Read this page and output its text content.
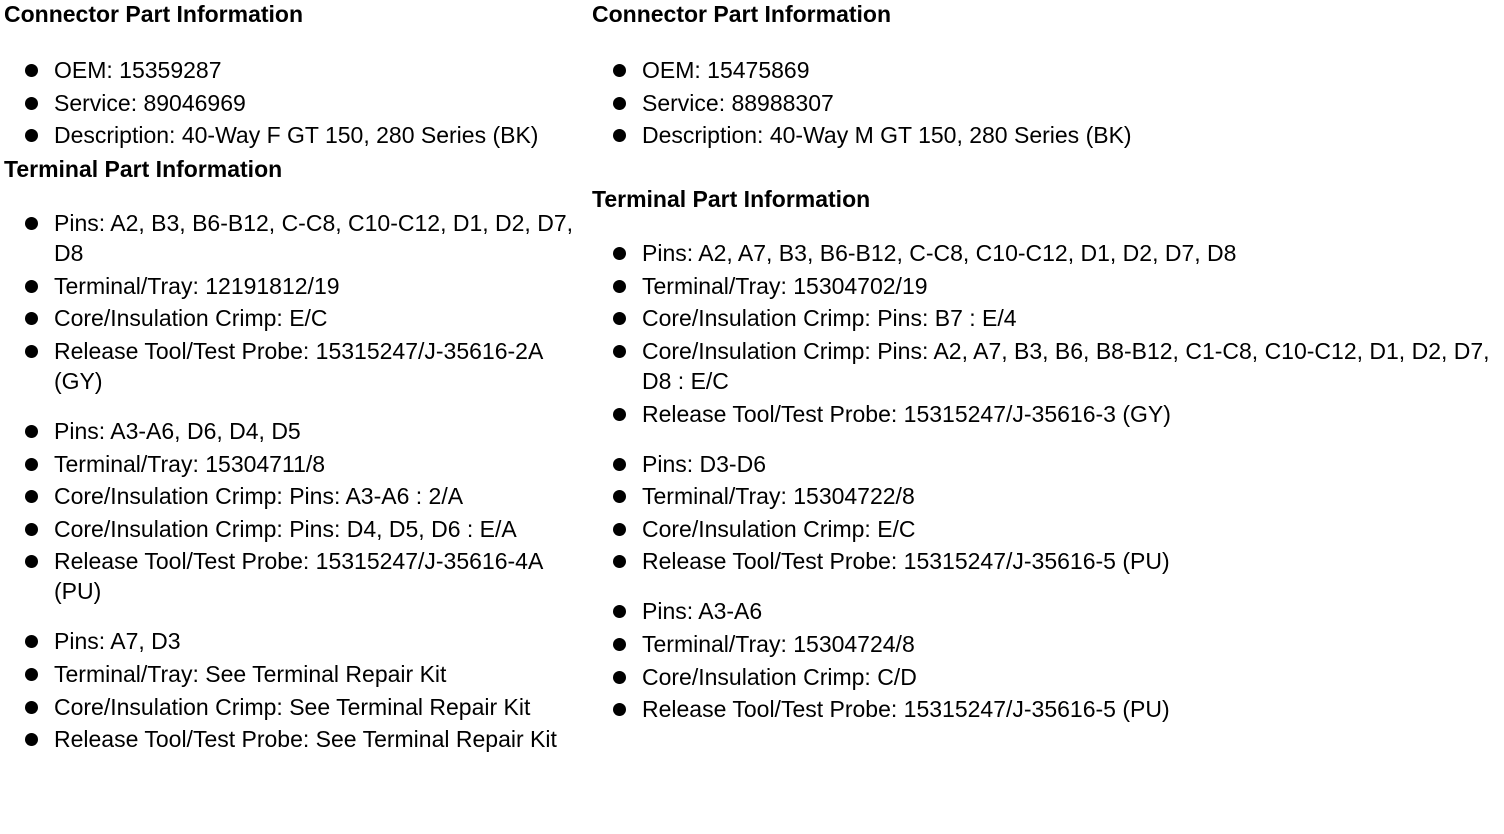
Connector Part Information
OEM: 15359287
Service: 89046969
Description: 40-Way F GT 150, 280 Series (BK)
Terminal Part Information
Pins: A2, B3, B6-B12, C-C8, C10-C12, D1, D2, D7, D8
Terminal/Tray: 12191812/19
Core/Insulation Crimp: E/C
Release Tool/Test Probe: 15315247/J-35616-2A (GY)
Pins: A3-A6, D6, D4, D5
Terminal/Tray: 15304711/8
Core/Insulation Crimp: Pins: A3-A6 : 2/A
Core/Insulation Crimp: Pins: D4, D5, D6 : E/A
Release Tool/Test Probe: 15315247/J-35616-4A (PU)
Pins: A7, D3
Terminal/Tray: See Terminal Repair Kit
Core/Insulation Crimp: See Terminal Repair Kit
Release Tool/Test Probe: See Terminal Repair Kit
Connector Part Information
OEM: 15475869
Service: 88988307
Description: 40-Way M GT 150, 280 Series (BK)
Terminal Part Information
Pins: A2, A7, B3, B6-B12, C-C8, C10-C12, D1, D2, D7, D8
Terminal/Tray: 15304702/19
Core/Insulation Crimp: Pins: B7 : E/4
Core/Insulation Crimp: Pins: A2, A7, B3, B6, B8-B12, C1-C8, C10-C12, D1, D2, D7, D8 : E/C
Release Tool/Test Probe: 15315247/J-35616-3 (GY)
Pins: D3-D6
Terminal/Tray: 15304722/8
Core/Insulation Crimp: E/C
Release Tool/Test Probe: 15315247/J-35616-5 (PU)
Pins: A3-A6
Terminal/Tray: 15304724/8
Core/Insulation Crimp: C/D
Release Tool/Test Probe: 15315247/J-35616-5 (PU)
